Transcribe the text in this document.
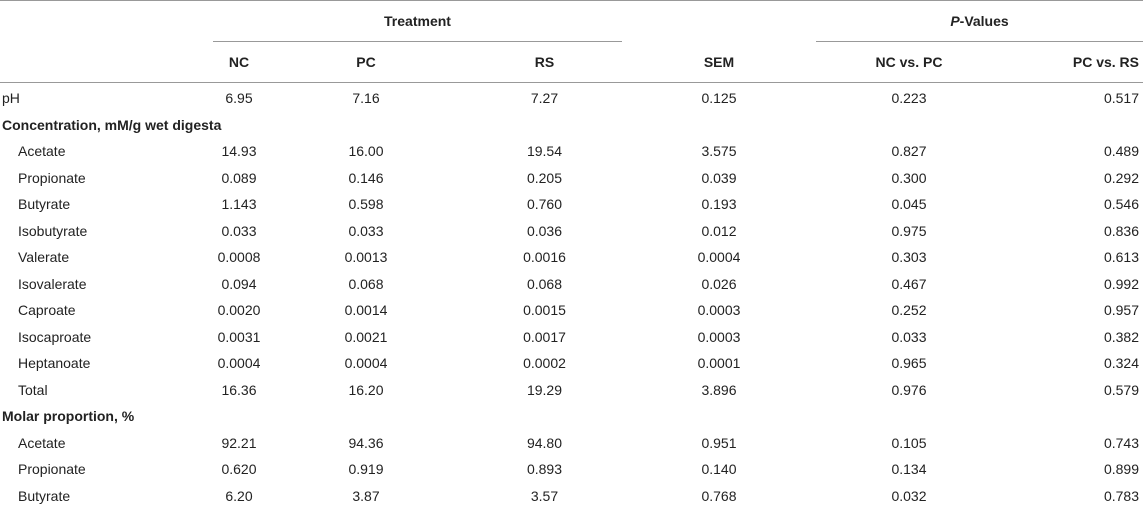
	Treatment				P-Values	
	NC	PC	RS	SEM	NC vs. PC	PC vs. RS
pH	6.95	7.16	7.27	0.125	0.223	0.517
Concentration, mM/g wet digesta						
Acetate	14.93	16.00	19.54	3.575	0.827	0.489
Propionate	0.089	0.146	0.205	0.039	0.300	0.292
Butyrate	1.143	0.598	0.760	0.193	0.045	0.546
Isobutyrate	0.033	0.033	0.036	0.012	0.975	0.836
Valerate	0.0008	0.0013	0.0016	0.0004	0.303	0.613
Isovalerate	0.094	0.068	0.068	0.026	0.467	0.992
Caproate	0.0020	0.0014	0.0015	0.0003	0.252	0.957
Isocaproate	0.0031	0.0021	0.0017	0.0003	0.033	0.382
Heptanoate	0.0004	0.0004	0.0002	0.0001	0.965	0.324
Total	16.36	16.20	19.29	3.896	0.976	0.579
Molar proportion, %						
Acetate	92.21	94.36	94.80	0.951	0.105	0.743
Propionate	0.620	0.919	0.893	0.140	0.134	0.899
Butyrate	6.20	3.87	3.57	0.768	0.032	0.783
